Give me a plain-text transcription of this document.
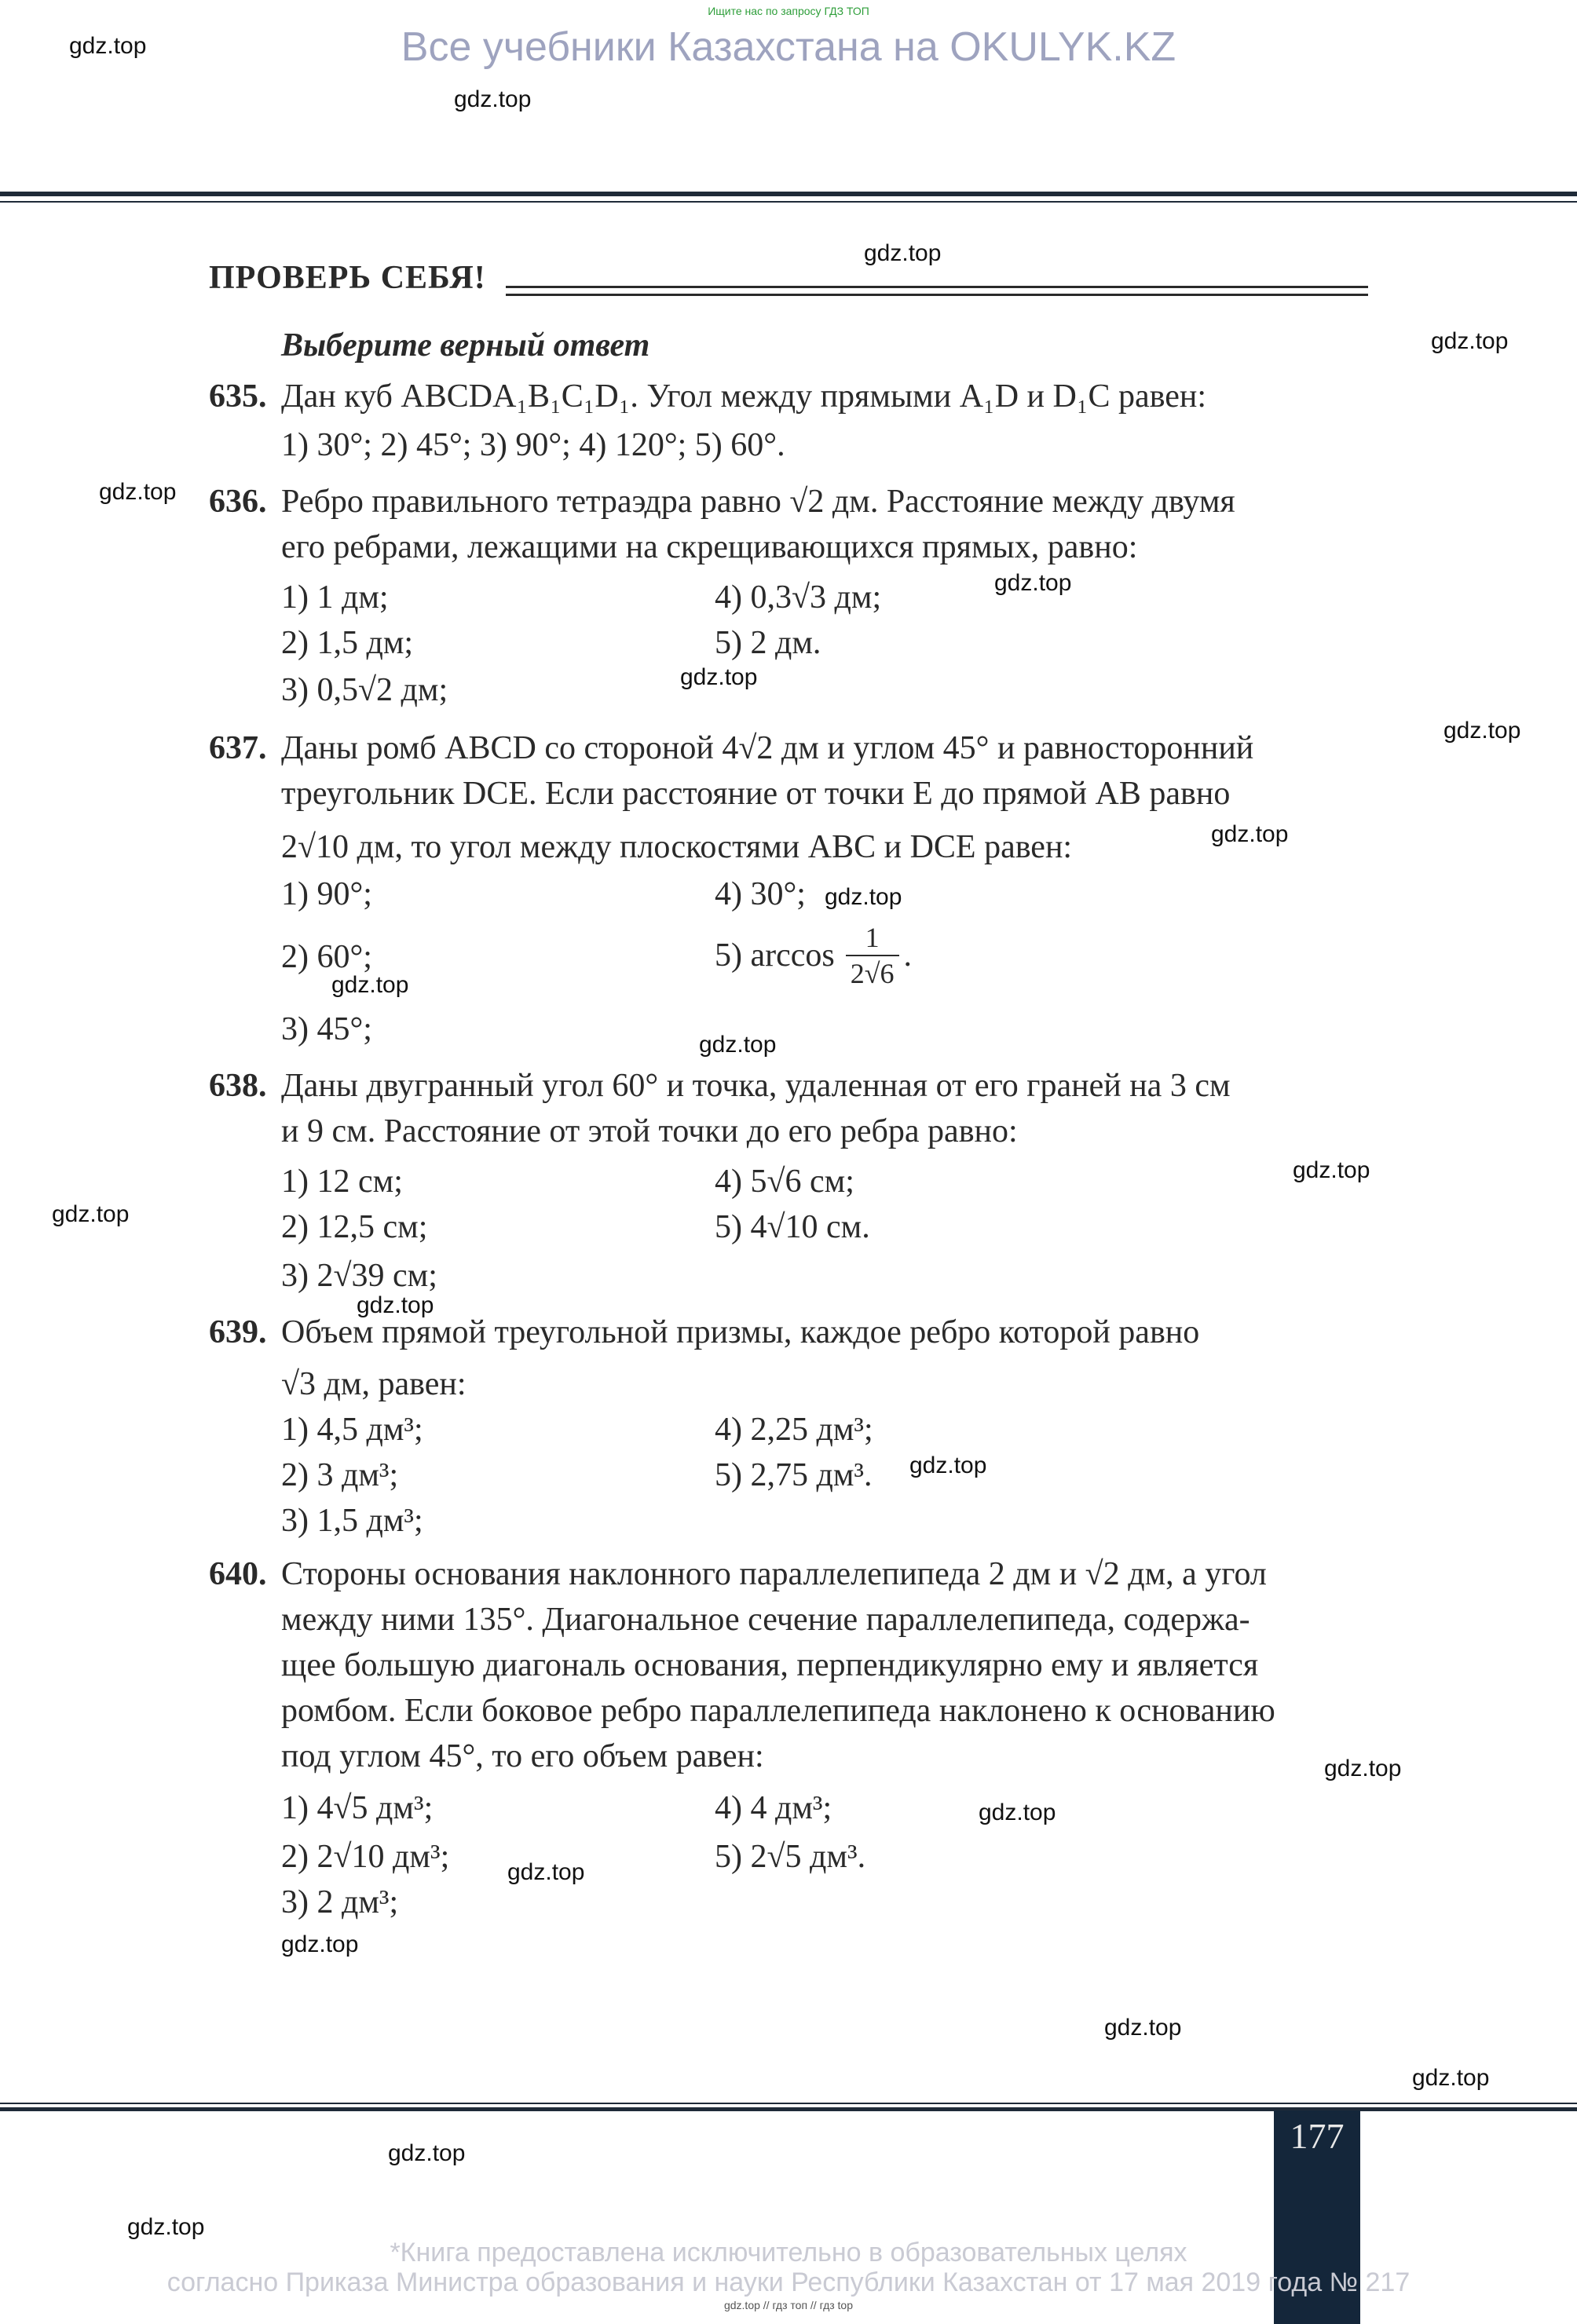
Ищите нас по запросу ГДЗ ТОП
Все учебники Казахстана на OKULYK.KZ
ПРОВЕРЬ СЕБЯ!
Выберите верный ответ
635. Дан куб ABCDA₁B₁C₁D₁. Угол между прямыми A₁D и D₁C равен:
1) 30°; 2) 45°; 3) 90°; 4) 120°; 5) 60°.
636. Ребро правильного тетраэдра равно √2 дм. Расстояние между двумя
его ребрами, лежащими на скрещивающихся прямых, равно:
1) 1 дм;
2) 1,5 дм;
3) 0,5√2 дм;
4) 0,3√3 дм;
5) 2 дм.
637. Даны ромб ABCD со стороной 4√2 дм и углом 45° и равносторонний
треугольник DCE. Если расстояние от точки E до прямой AB равно
2√10 дм, то угол между плоскостями ABC и DCE равен:
1) 90°;
2) 60°;
3) 45°;
4) 30°;
5) arccos 1
2√6 .
638. Даны двугранный угол 60° и точка, удаленная от его граней на 3 см
и 9 см. Расстояние от этой точки до его ребра равно:
1) 12 см;
2) 12,5 см;
3) 2√39 см;
4) 5√6 см;
5) 4√10 см.
639. Объем прямой треугольной призмы, каждое ребро которой равно
√3 дм, равен:
1) 4,5 дм³;
2) 3 дм³;
3) 1,5 дм³;
4) 2,25 дм³;
5) 2,75 дм³.
640. Стороны основания наклонного параллелепипеда 2 дм и √2 дм, а угол
между ними 135°. Диагональное сечение параллелепипеда, содержа-
щее большую диагональ основания, перпендикулярно ему и является
ромбом. Если боковое ребро параллелепипеда наклонено к основанию
под углом 45°, то его объем равен:
1) 4√5 дм³;
2) 2√10 дм³;
3) 2 дм³;
4) 4 дм³;
5) 2√5 дм³.
177
*Книга предоставлена исключительно в образовательных целях
согласно Приказа Министра образования и науки Республики Казахстан от 17 мая 2019 года № 217
gdz.top // гдз топ // гдз top
gdz.top
gdz.top
gdz.top
gdz.top
gdz.top
gdz.top
gdz.top
gdz.top
gdz.top
gdz.top
gdz.top
gdz.top
gdz.top
gdz.top
gdz.top
gdz.top
gdz.top
gdz.top
gdz.top
gdz.top
gdz.top
gdz.top
gdz.top
gdz.top
